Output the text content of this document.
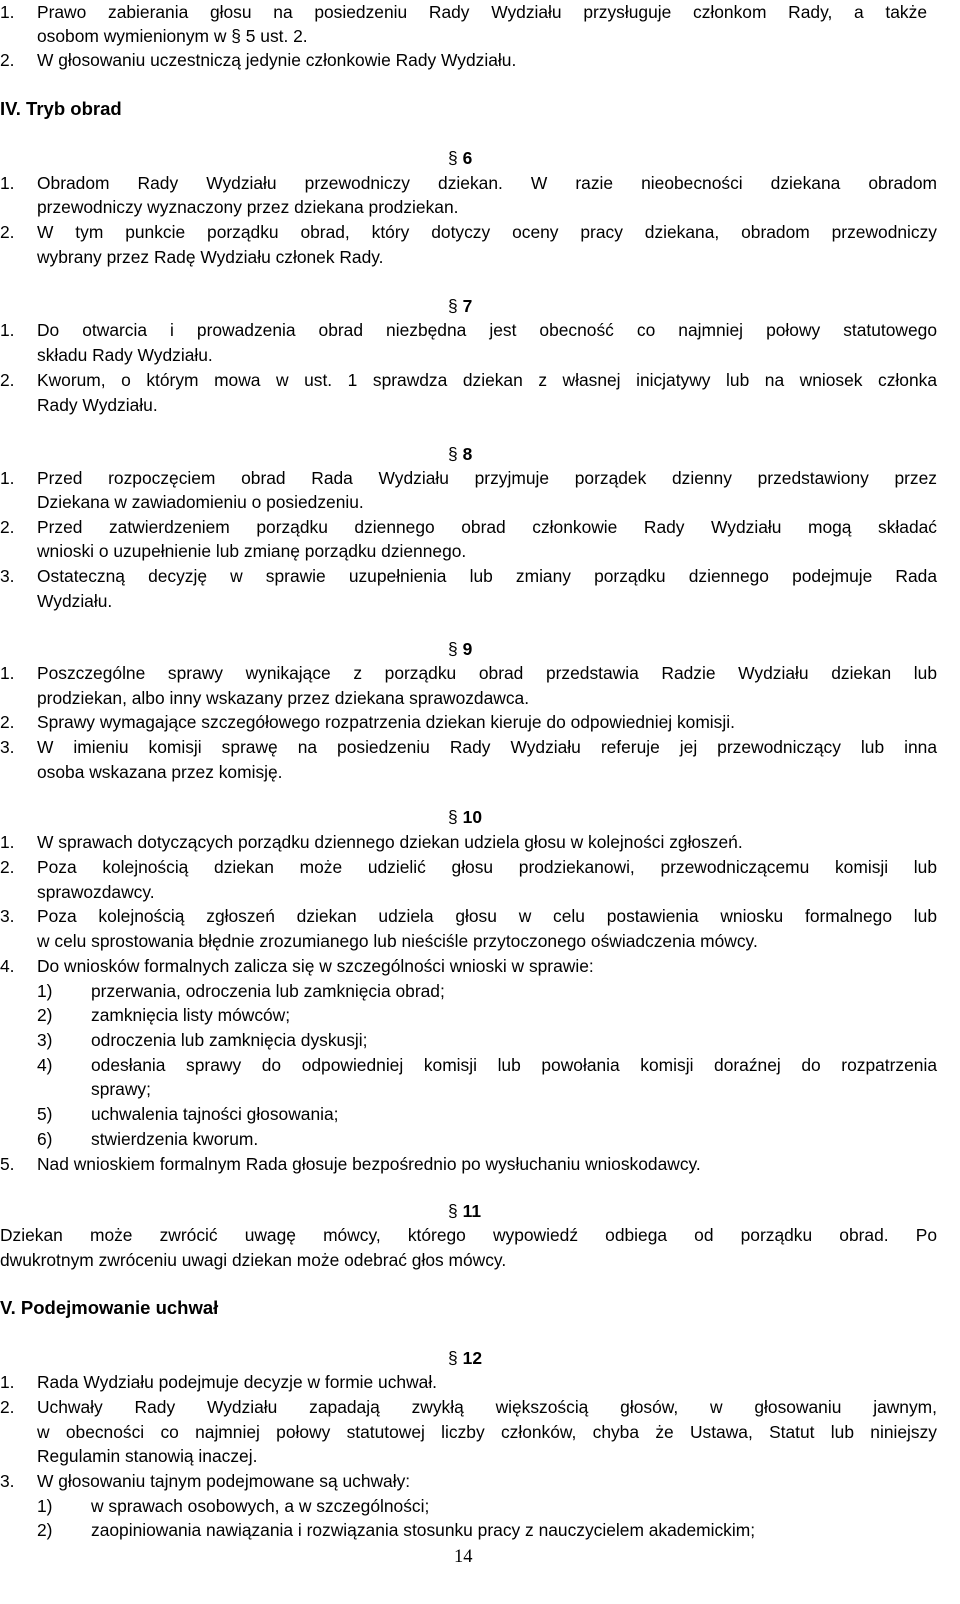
1. Prawo zabierania głosu na posiedzeniu Rady Wydziału przysługuje członkom Rady, a także
osobom wymienionym w § 5 ust. 2.
2. W głosowaniu uczestniczą jedynie członkowie Rady Wydziału.
IV. Tryb obrad
§ 6
1. Obradom Rady Wydziału przewodniczy dziekan. W razie nieobecności dziekana obradom
przewodniczy wyznaczony przez dziekana prodziekan.
2. W tym punkcie porządku obrad, który dotyczy oceny pracy dziekana, obradom przewodniczy
wybrany przez Radę Wydziału członek Rady.
§ 7
1. Do otwarcia i prowadzenia obrad niezbędna jest obecność co najmniej połowy statutowego
składu Rady Wydziału.
2. Kworum, o którym mowa w ust. 1 sprawdza dziekan z własnej inicjatywy lub na wniosek członka
Rady Wydziału.
§ 8
1. Przed rozpoczęciem obrad Rada Wydziału przyjmuje porządek dzienny przedstawiony przez
Dziekana w zawiadomieniu o posiedzeniu.
2. Przed zatwierdzeniem porządku dziennego obrad członkowie Rady Wydziału mogą składać
wnioski o uzupełnienie lub zmianę porządku dziennego.
3. Ostateczną decyzję w sprawie uzupełnienia lub zmiany porządku dziennego podejmuje Rada
Wydziału.
§ 9
1. Poszczególne sprawy wynikające z porządku obrad przedstawia Radzie Wydziału dziekan lub
prodziekan, albo inny wskazany przez dziekana sprawozdawca.
2. Sprawy wymagające szczegółowego rozpatrzenia dziekan kieruje do odpowiedniej komisji.
3. W imieniu komisji sprawę na posiedzeniu Rady Wydziału referuje jej przewodniczący lub inna
osoba wskazana przez komisję.
§ 10
1. W sprawach dotyczących porządku dziennego dziekan udziela głosu w kolejności zgłoszeń.
2. Poza kolejnością dziekan może udzielić głosu prodziekanowi, przewodniczącemu komisji lub
sprawozdawcy.
3. Poza kolejnością zgłoszeń dziekan udziela głosu w celu postawienia wniosku formalnego lub
w celu sprostowania błędnie zrozumianego lub nieściśle przytoczonego oświadczenia mówcy.
4. Do wniosków formalnych zalicza się w szczególności wnioski w sprawie:
1) przerwania, odroczenia lub zamknięcia obrad;
2) zamknięcia listy mówców;
3) odroczenia lub zamknięcia dyskusji;
4) odesłania sprawy do odpowiedniej komisji lub powołania komisji doraźnej do rozpatrzenia
sprawy;
5) uchwalenia tajności głosowania;
6) stwierdzenia kworum.
5. Nad wnioskiem formalnym Rada głosuje bezpośrednio po wysłuchaniu wnioskodawcy.
§ 11
Dziekan może zwrócić uwagę mówcy, którego wypowiedź odbiega od porządku obrad. Po
dwukrotnym zwróceniu uwagi dziekan może odebrać głos mówcy.
V. Podejmowanie uchwał
§ 12
1. Rada Wydziału podejmuje decyzje w formie uchwał.
2. Uchwały Rady Wydziału zapadają zwykłą większością głosów, w głosowaniu jawnym,
w obecności co najmniej połowy statutowej liczby członków, chyba że Ustawa, Statut lub niniejszy
Regulamin stanowią inaczej.
3. W głosowaniu tajnym podejmowane są uchwały:
1) w sprawach osobowych, a w szczególności;
2) zaopiniowania nawiązania i rozwiązania stosunku pracy z nauczycielem akademickim;
14
